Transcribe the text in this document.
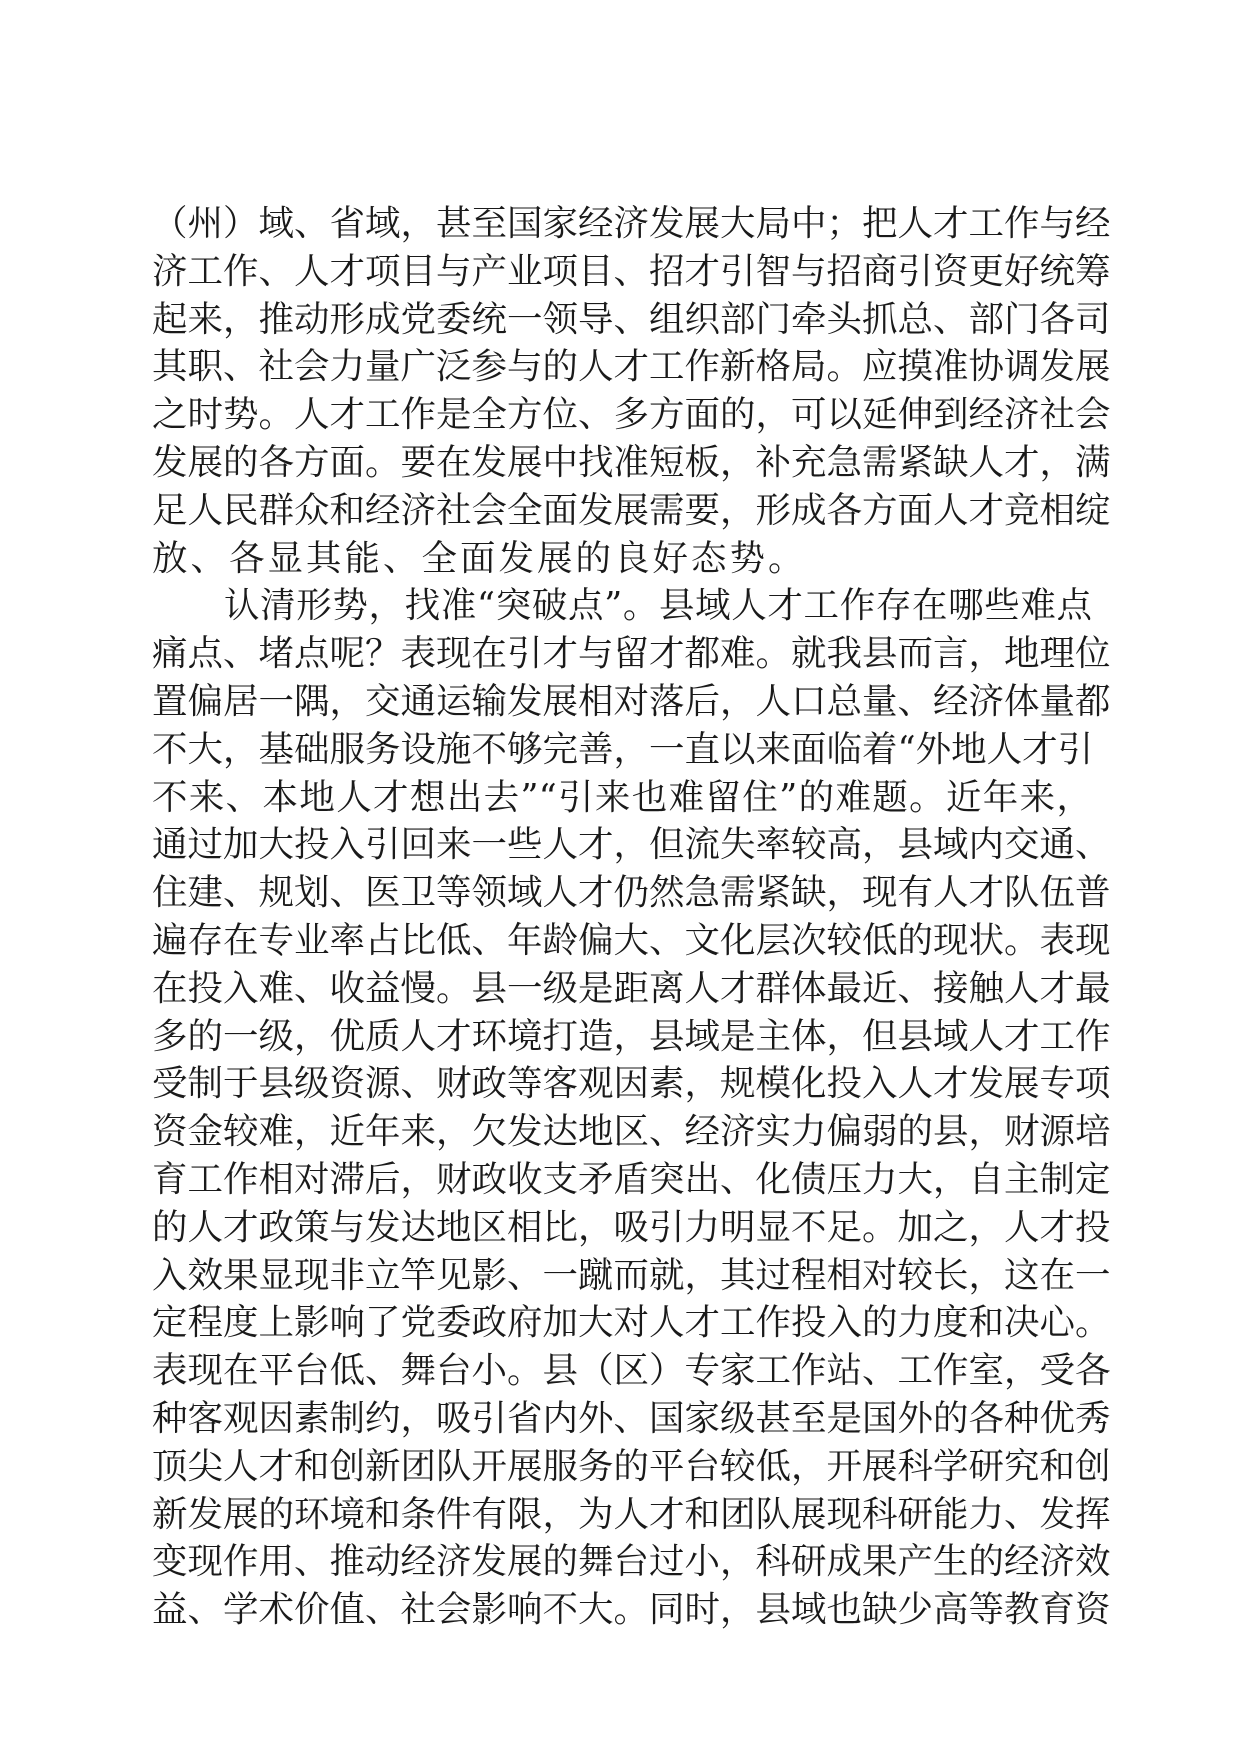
（州）域、省域，甚至国家经济发展大局中；把人才工作与经
济工作、人才项目与产业项目、招才引智与招商引资更好统筹
起来，推动形成党委统一领导、组织部门牵头抓总、部门各司
其职、社会力量广泛参与的人才工作新格局。应摸准协调发展
之时势。人才工作是全方位、多方面的，可以延伸到经济社会
发展的各方面。要在发展中找准短板，补充急需紧缺人才，满
足人民群众和经济社会全面发展需要，形成各方面人才竞相绽
放、各显其能、全面发展的良好态势。
认清形势，找准“突破点”。县域人才工作存在哪些难点
痛点、堵点呢？表现在引才与留才都难。就我县而言，地理位
置偏居一隅，交通运输发展相对落后，人口总量、经济体量都
不大，基础服务设施不够完善，一直以来面临着“外地人才引
不来、本地人才想出去”“引来也难留住”的难题。近年来，
通过加大投入引回来一些人才，但流失率较高，县域内交通、
住建、规划、医卫等领域人才仍然急需紧缺，现有人才队伍普
遍存在专业率占比低、年龄偏大、文化层次较低的现状。表现
在投入难、收益慢。县一级是距离人才群体最近、接触人才最
多的一级，优质人才环境打造，县域是主体，但县域人才工作
受制于县级资源、财政等客观因素，规模化投入人才发展专项
资金较难，近年来，欠发达地区、经济实力偏弱的县，财源培
育工作相对滞后，财政收支矛盾突出、化债压力大，自主制定
的人才政策与发达地区相比，吸引力明显不足。加之，人才投
入效果显现非立竿见影、一蹴而就，其过程相对较长，这在一
定程度上影响了党委政府加大对人才工作投入的力度和决心。
表现在平台低、舞台小。县（区）专家工作站、工作室，受各
种客观因素制约，吸引省内外、国家级甚至是国外的各种优秀
顶尖人才和创新团队开展服务的平台较低，开展科学研究和创
新发展的环境和条件有限，为人才和团队展现科研能力、发挥
变现作用、推动经济发展的舞台过小，科研成果产生的经济效
益、学术价值、社会影响不大。同时，县域也缺少高等教育资
